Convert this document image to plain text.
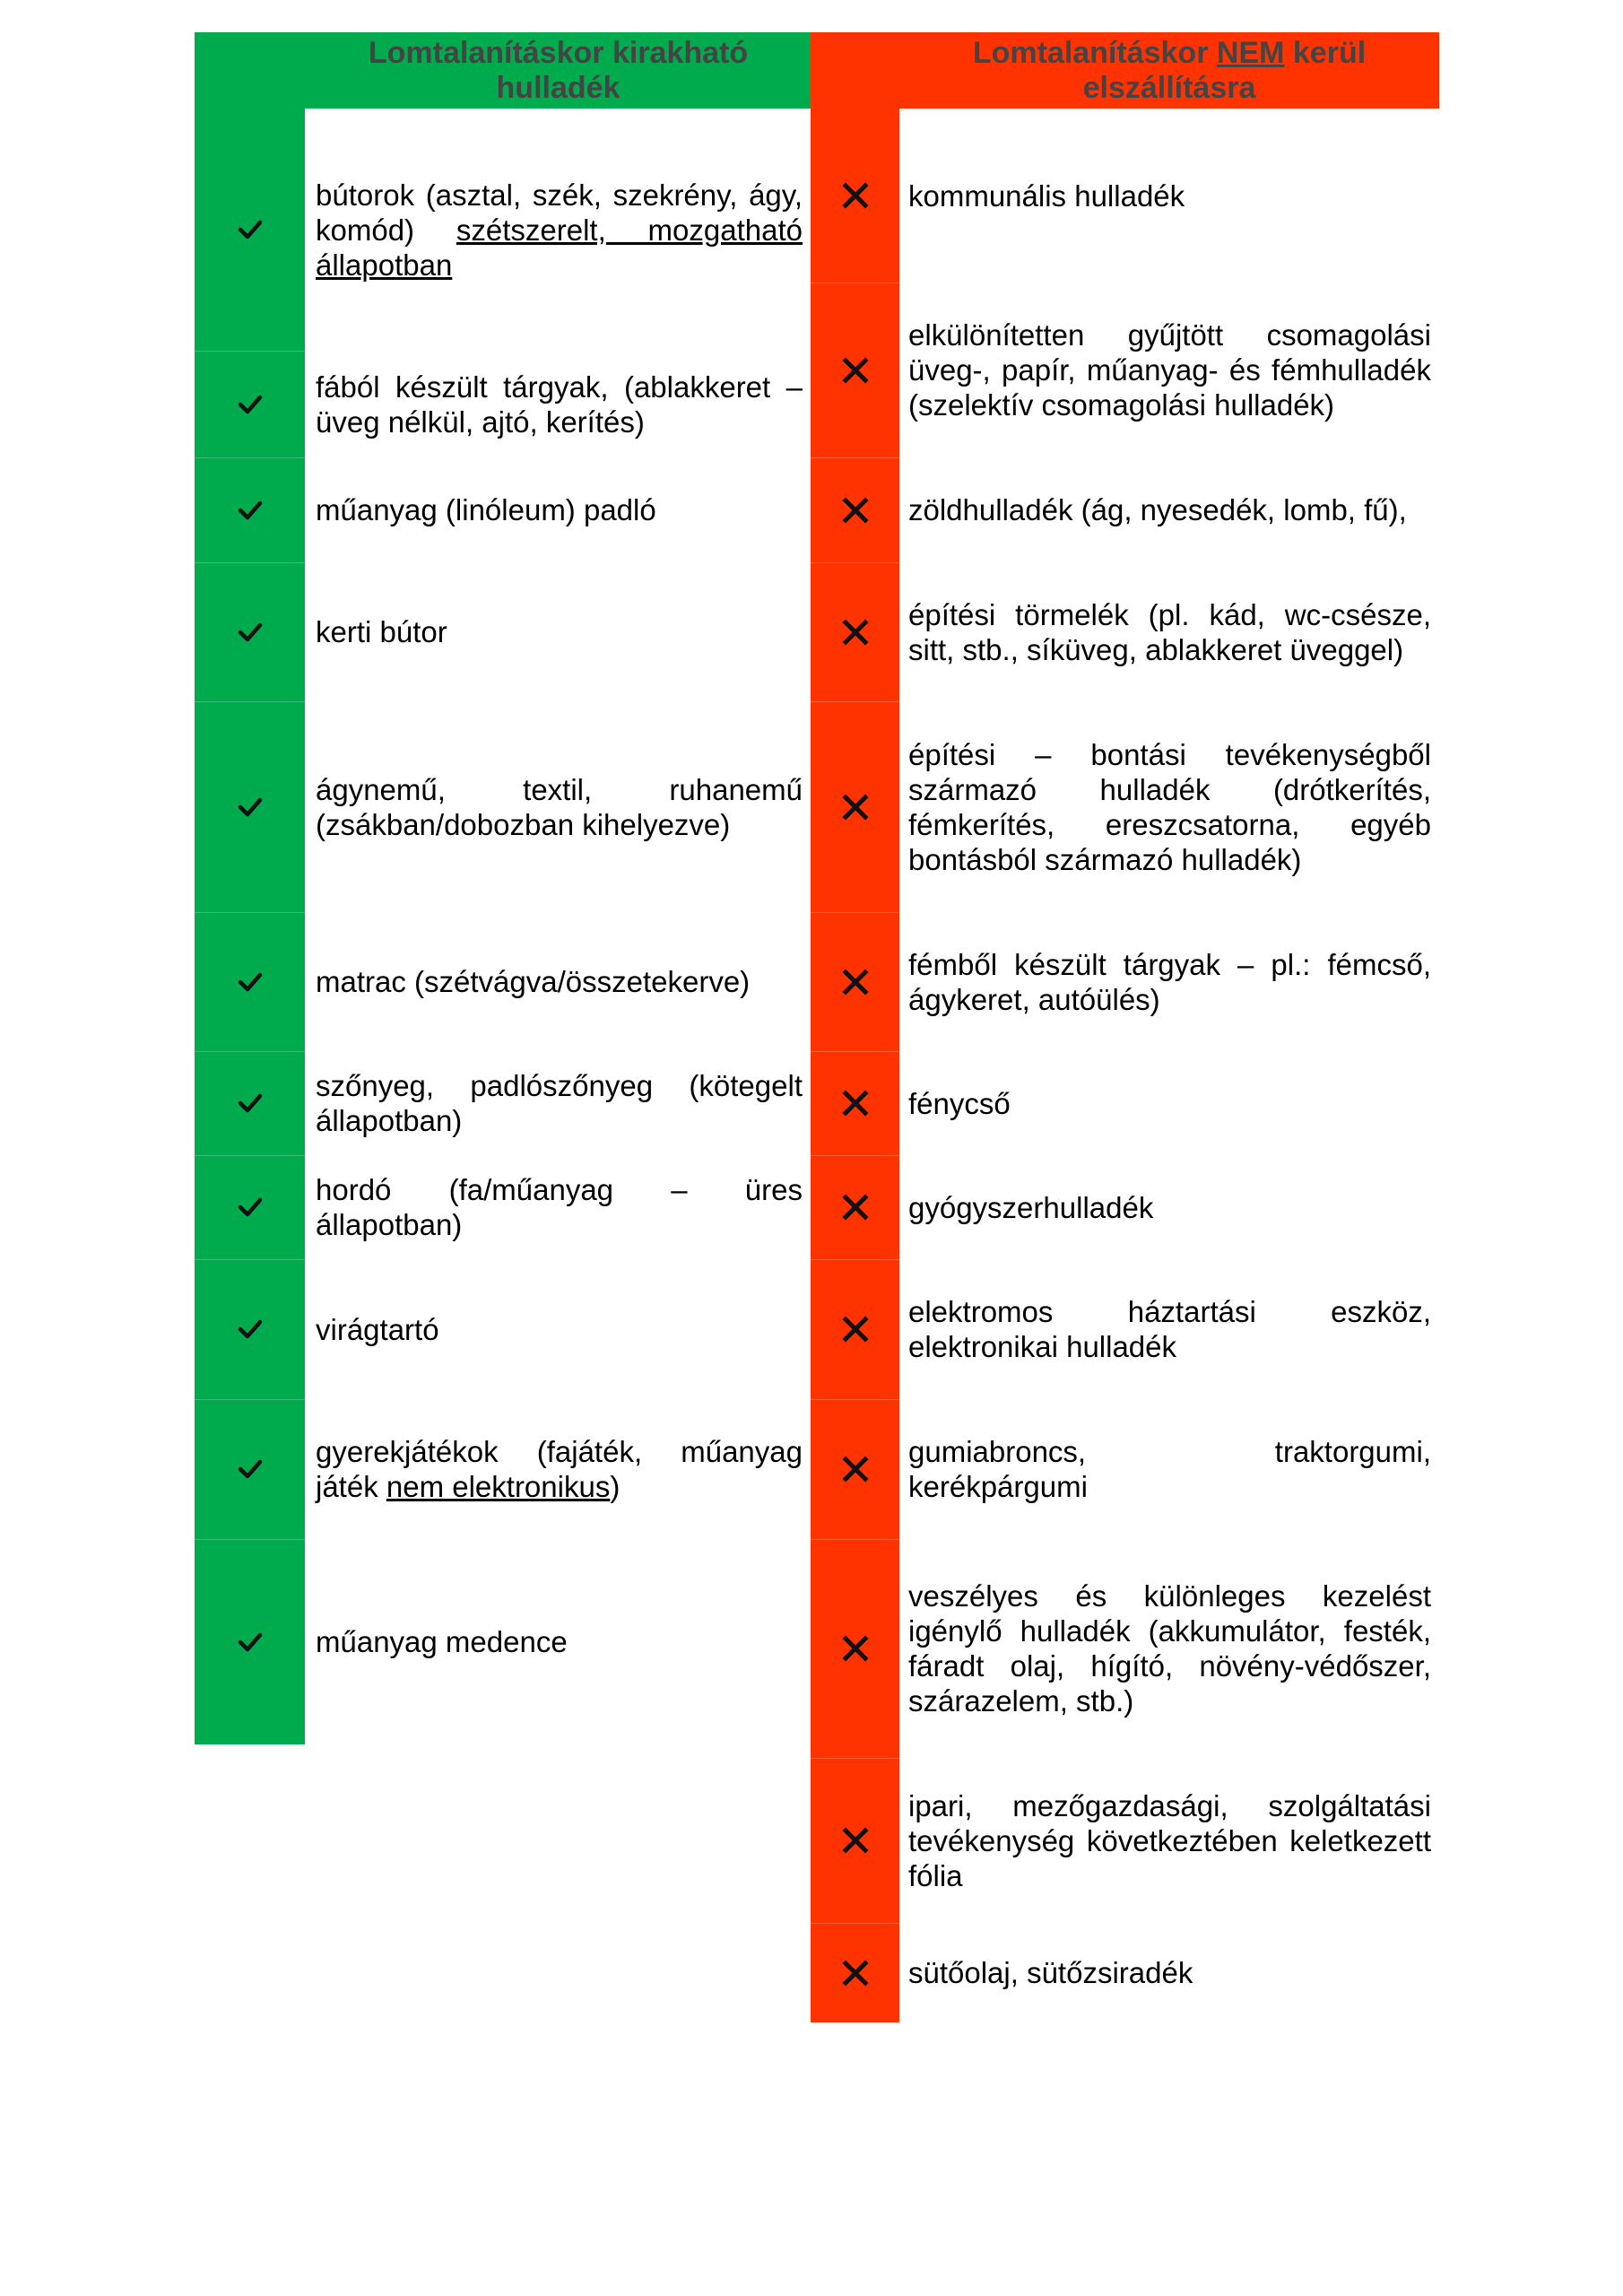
Lomtalanításkor kirakható hulladék
Lomtalanításkor NEM kerül elszállításra
bútorok (asztal, szék, szekrény, ágy, komód) szétszerelt, mozgatható állapotban
fából készült tárgyak, (ablakkeret – üveg nélkül, ajtó, kerítés)
műanyag (linóleum) padló
kerti bútor
ágynemű, textil, ruhanemű (zsákban/dobozban kihelyezve)
matrac (szétvágva/összetekerve)
szőnyeg, padlószőnyeg (kötegelt állapotban)
hordó (fa/műanyag – üres állapotban)
virágtartó
gyerekjátékok (fajáték, műanyag játék nem elektronikus)
műanyag medence
kommunális hulladék
elkülönítetten gyűjtött csomagolási üveg-, papír, műanyag- és fémhulladék (szelektív csomagolási hulladék)
zöldhulladék (ág, nyesedék, lomb, fű),
építési törmelék (pl. kád, wc-csésze, sitt, stb., síküveg, ablakkeret üveggel)
építési – bontási tevékenységből származó hulladék (drótkerítés, fémkerítés, ereszcsatorna, egyéb bontásból származó hulladék)
fémből készült tárgyak – pl.: fémcső, ágykeret, autóülés)
fénycső
gyógyszerhulladék
elektromos háztartási eszköz, elektronikai hulladék
gumiabroncs, traktorgumi, kerékpárgumi
veszélyes és különleges kezelést igénylő hulladék (akkumulátor, festék, fáradt olaj, hígító, növény-védőszer, szárazelem, stb.)
ipari, mezőgazdasági, szolgáltatási tevékenység következtében keletkezett fólia
sütőolaj, sütőzsiradék
